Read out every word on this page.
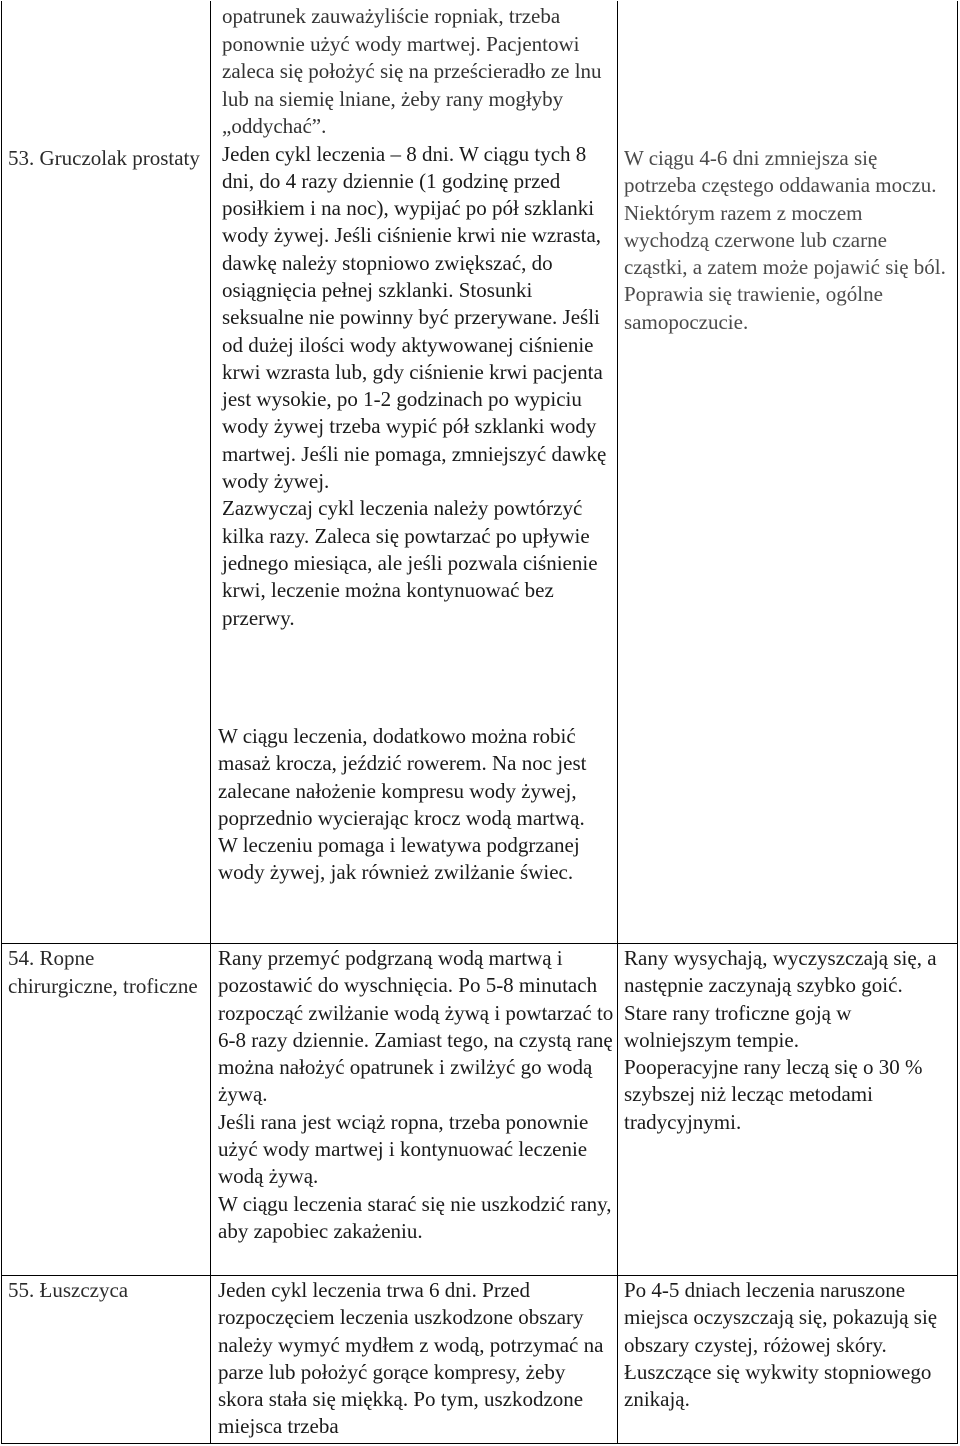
53. Gruczolak prostaty

opatrunek zauważyliście ropniak, trzeba ponownie użyć wody martwej. Pacjentowi zaleca się położyć się na prześcieradło ze lnu lub na siemię lniane, żeby rany mogłyby „oddychać”.

Jeden cykl leczenia – 8 dni. W ciągu tych 8 dni, do 4 razy dziennie (1 godzinę przed posiłkiem i na noc), wypijać po pół szklanki wody żywej. Jeśli ciśnienie krwi nie wzrasta, dawkę należy stopniowo zwiększać, do osiągnięcia pełnej szklanki. Stosunki seksualne nie powinny być przerywane. Jeśli od dużej ilości wody aktywowanej ciśnienie krwi wzrasta lub, gdy ciśnienie krwi pacjenta jest wysokie, po 1-2 godzinach po wypiciu wody żywej trzeba wypić pół szklanki wody martwej. Jeśli nie pomaga, zmniejszyć dawkę wody żywej.

Zazwyczaj cykl leczenia należy powtórzyć kilka razy. Zaleca się powtarzać po upływie jednego miesiąca, ale jeśli pozwala ciśnienie krwi, leczenie można kontynuować bez przerwy.

W ciągu leczenia, dodatkowo można robić masaż krocza, jeździć rowerem. Na noc jest zalecane nałożenie kompresu wody żywej, poprzednio wycierając krocz wodą martwą.

W leczeniu pomaga i lewatywa podgrzanej wody żywej, jak również zwilżanie świec.

W ciągu 4-6 dni zmniejsza się potrzeba częstego oddawania moczu. Niektórym razem z moczem wychodzą czerwone lub czarne cząstki, a zatem może pojawić się ból.

Poprawia się trawienie, ogólne samopoczucie.

54. Ropne chirurgiczne, troficzne

Rany przemyć podgrzaną wodą martwą i pozostawić do wyschnięcia. Po 5-8 minutach rozpocząć zwilżanie wodą żywą i powtarzać to 6-8 razy dziennie. Zamiast tego, na czystą ranę można nałożyć opatrunek i zwilżyć go wodą żywą.

Jeśli rana jest wciąż ropna, trzeba ponownie użyć wody martwej i kontynuować leczenie wodą żywą.

W ciągu leczenia starać się nie uszkodzić rany, aby zapobiec zakażeniu.

Rany wysychają, wyczyszczają się, a następnie zaczynają szybko goić.

Stare rany troficzne goją w wolniejszym tempie.

Pooperacyjne rany leczą się o 30 % szybszej niż lecząc metodami tradycyjnymi.

55. Łuszczyca	Jeden cykl leczenia trwa 6 dni. Przed rozpoczęciem leczenia uszkodzone obszary należy wymyć mydłem z wodą, potrzymać na parze lub położyć gorące kompresy, żeby skora stała się miękką. Po tym, uszkodzone miejsca trzeba

Po 4-5 dniach leczenia naruszone miejsca oczyszczają się, pokazują się obszary czystej, różowej skóry.

Łuszczące się wykwity stopniowego znikają.
